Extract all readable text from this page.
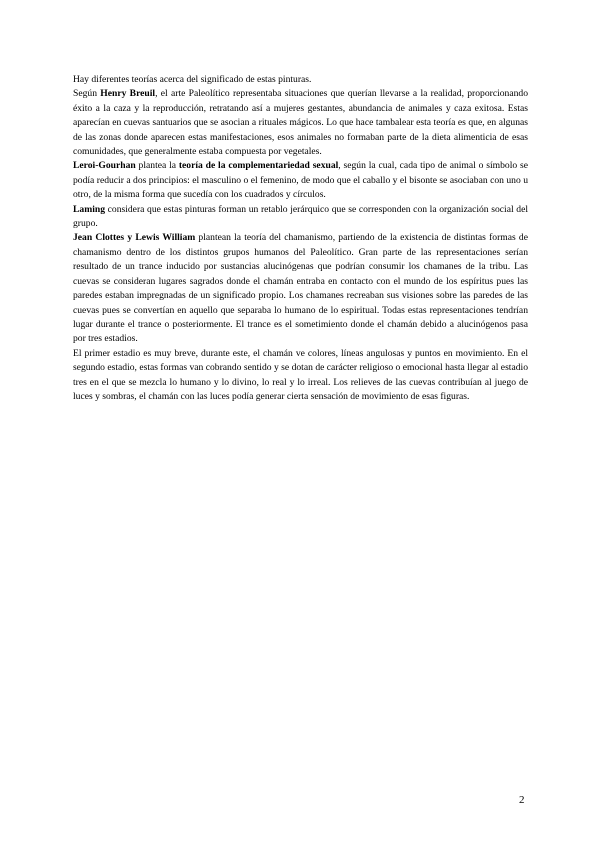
Hay diferentes teorías acerca del significado de estas pinturas.

Según Henry Breuil, el arte Paleolítico representaba situaciones que querían llevarse a la realidad, proporcionando éxito a la caza y la reproducción, retratando así a mujeres gestantes, abundancia de animales y caza exitosa. Estas aparecían en cuevas santuarios que se asocian a rituales mágicos. Lo que hace tambalear esta teoría es que, en algunas de las zonas donde aparecen estas manifestaciones, esos animales no formaban parte de la dieta alimenticia de esas comunidades, que generalmente estaba compuesta por vegetales.

Leroi-Gourhan plantea la teoría de la complementariedad sexual, según la cual, cada tipo de animal o símbolo se podía reducir a dos principios: el masculino o el femenino, de modo que el caballo y el bisonte se asociaban con uno u otro, de la misma forma que sucedía con los cuadrados y círculos.

Laming considera que estas pinturas forman un retablo jerárquico que se corresponden con la organización social del grupo.

Jean Clottes y Lewis William plantean la teoría del chamanismo, partiendo de la existencia de distintas formas de chamanismo dentro de los distintos grupos humanos del Paleolítico. Gran parte de las representaciones serían resultado de un trance inducido por sustancias alucinógenas que podrían consumir los chamanes de la tribu. Las cuevas se consideran lugares sagrados donde el chamán entraba en contacto con el mundo de los espíritus pues las paredes estaban impregnadas de un significado propio. Los chamanes recreaban sus visiones sobre las paredes de las cuevas pues se convertían en aquello que separaba lo humano de lo espiritual. Todas estas representaciones tendrían lugar durante el trance o posteriormente. El trance es el sometimiento donde el chamán debido a alucinógenos pasa por tres estadios.

El primer estadio es muy breve, durante este, el chamán ve colores, líneas angulosas y puntos en movimiento. En el segundo estadio, estas formas van cobrando sentido y se dotan de carácter religioso o emocional hasta llegar al estadio tres en el que se mezcla lo humano y lo divino, lo real y lo irreal. Los relieves de las cuevas contribuían al juego de luces y sombras, el chamán con las luces podía generar cierta sensación de movimiento de esas figuras.

2
